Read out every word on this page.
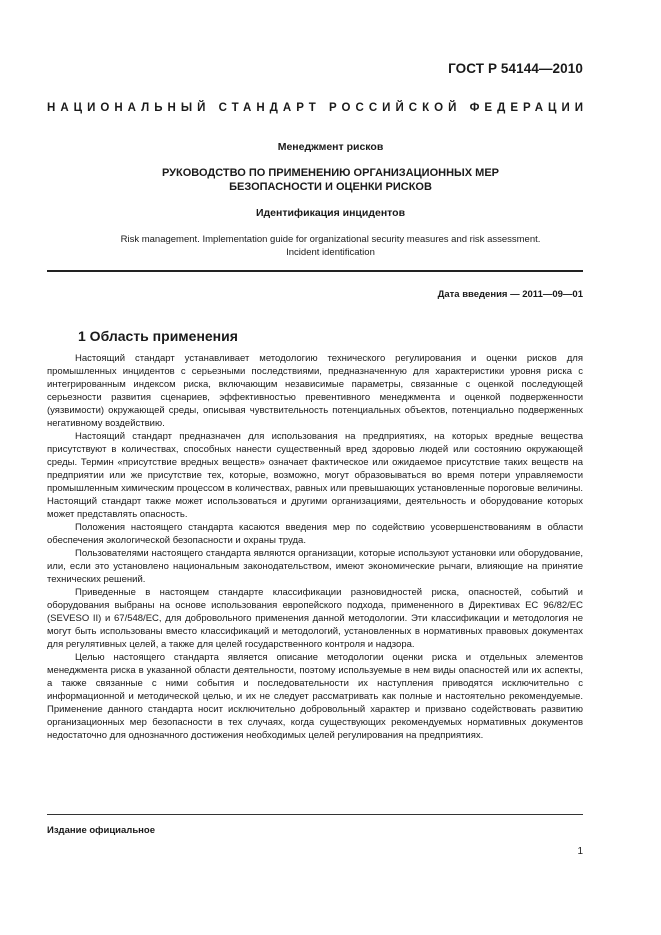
ГОСТ Р 54144—2010
НАЦИОНАЛЬНЫЙ СТАНДАРТ РОССИЙСКОЙ ФЕДЕРАЦИИ
Менеджмент рисков
РУКОВОДСТВО ПО ПРИМЕНЕНИЮ ОРГАНИЗАЦИОННЫХ МЕР
БЕЗОПАСНОСТИ И ОЦЕНКИ РИСКОВ
Идентификация инцидентов
Risk management. Implementation guide for organizational security measures and risk assessment.
Incident identification
Дата введения — 2011—09—01
1 Область применения

Настоящий стандарт устанавливает методологию технического регулирования и оценки рисков для промышленных инцидентов с серьезными последствиями, предназначенную для характеристики уровня риска с интегрированным индексом риска, включающим независимые параметры, связанные с оценкой последующей серьезности развития сценариев, эффективностью превентивного менеджмента и оценкой подверженности (уязвимости) окружающей среды, описывая чувствительность потенциальных объектов, потенциально подверженных негативному воздействию.

Настоящий стандарт предназначен для использования на предприятиях, на которых вредные вещества присутствуют в количествах, способных нанести существенный вред здоровью людей или состоянию окружающей среды. Термин «присутствие вредных веществ» означает фактическое или ожидаемое присутствие таких веществ на предприятии или же присутствие тех, которые, возможно, могут образовываться во время потери управляемости промышленным химическим процессом в количествах, равных или превышающих установленные пороговые величины. Настоящий стандарт также может использоваться и другими организациями, деятельность и оборудование которых может представлять опасность.

Положения настоящего стандарта касаются введения мер по содействию усовершенствованиям в области обеспечения экологической безопасности и охраны труда.

Пользователями настоящего стандарта являются организации, которые используют установки или оборудование, или, если это установлено национальным законодательством, имеют экономические рычаги, влияющие на принятие технических решений.

Приведенные в настоящем стандарте классификации разновидностей риска, опасностей, событий и оборудования выбраны на основе использования европейского подхода, примененного в Директивах ЕС 96/82/ЕС (SEVESO II) и 67/548/ЕС, для добровольного применения данной методологии. Эти классификации и методология не могут быть использованы вместо классификаций и методологий, установленных в нормативных правовых документах для регулятивных целей, а также для целей государственного контроля и надзора.

Целью настоящего стандарта является описание методологии оценки риска и отдельных элементов менеджмента риска в указанной области деятельности, поэтому используемые в нем виды опасностей или их аспекты, а также связанные с ними события и последовательности их наступления приводятся исключительно с информационной и методической целью, и их не следует рассматривать как полные и настоятельно рекомендуемые. Применение данного стандарта носит исключительно добровольный характер и призвано содействовать развитию организационных мер безопасности в тех случаях, когда существующих рекомендуемых нормативных документов недостаточно для однозначного достижения необходимых целей регулирования на предприятиях.

Издание официальное
1
